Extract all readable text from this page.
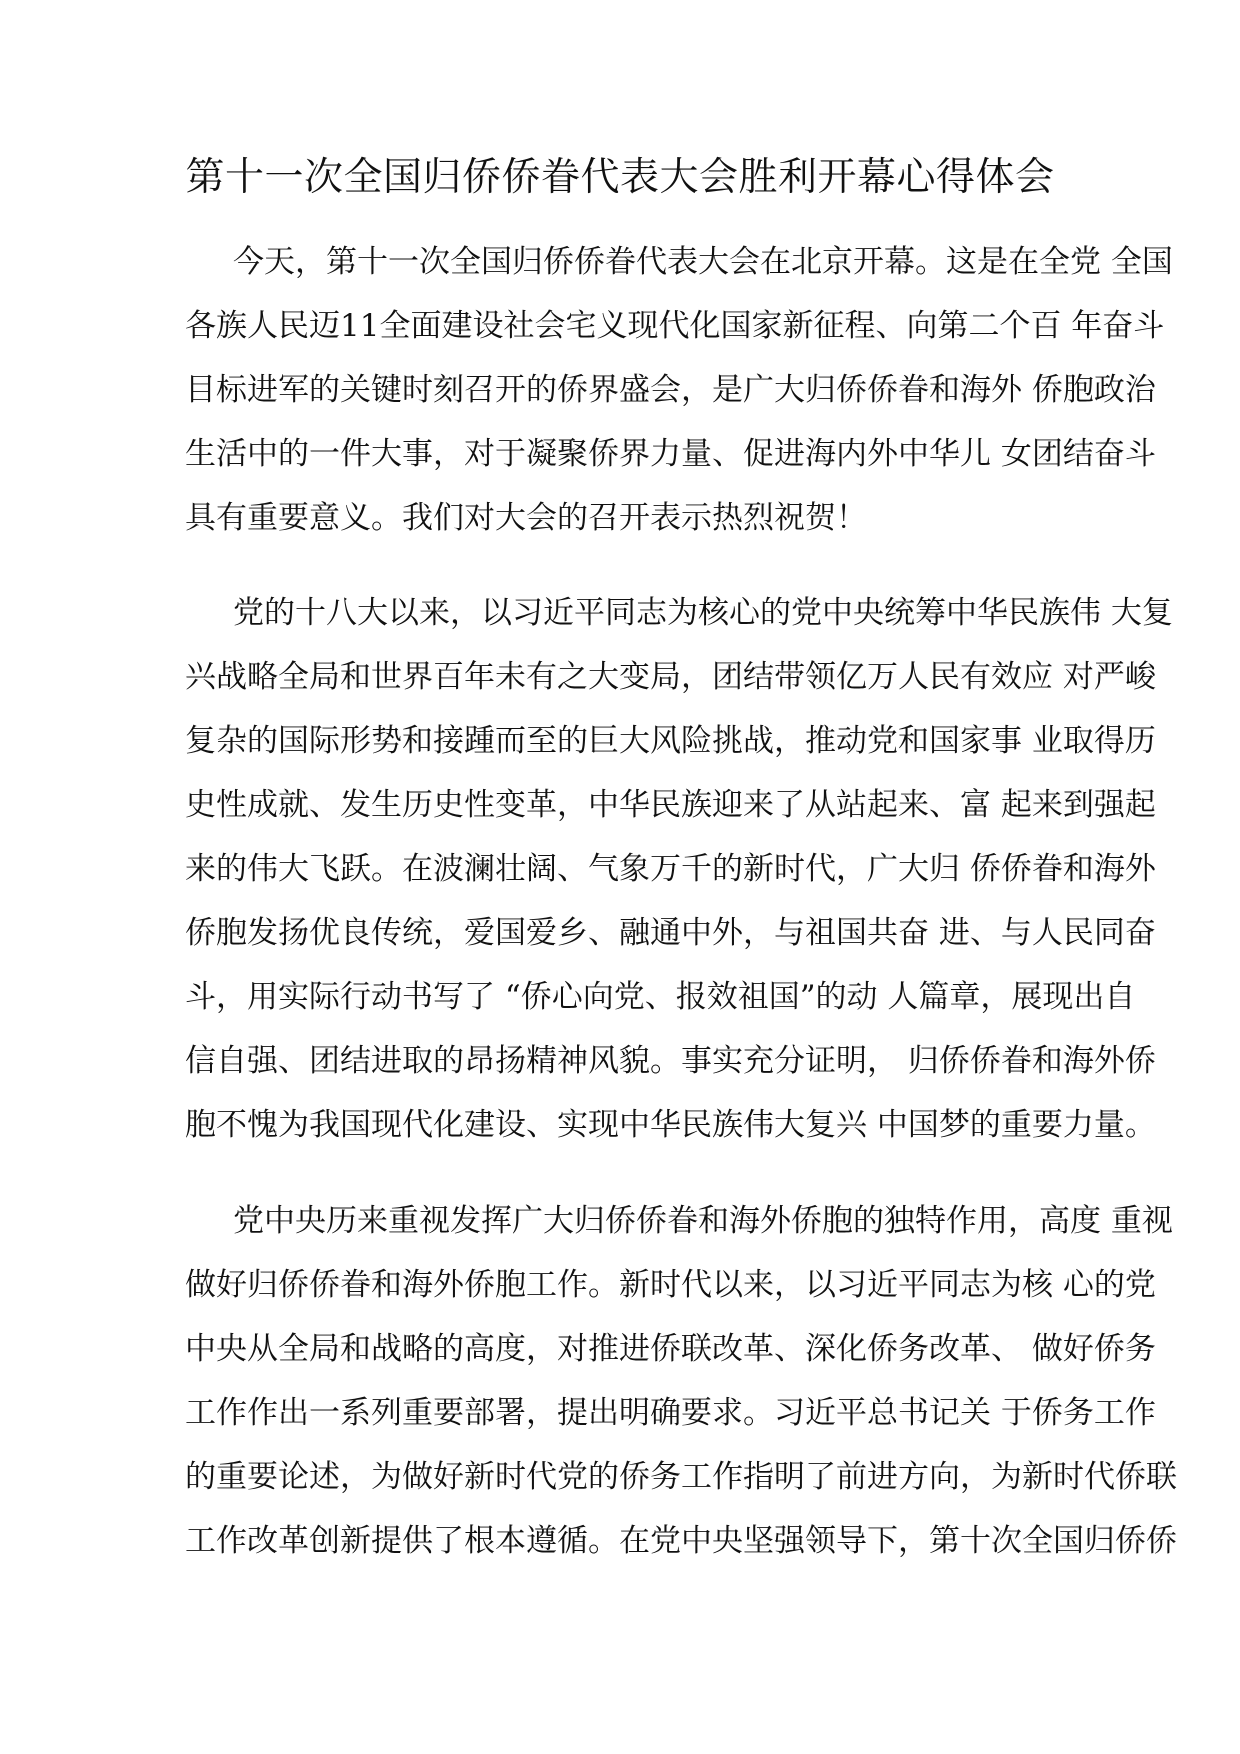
第十一次全国归侨侨眷代表大会胜利开幕心得体会
今天，第十一次全国归侨侨眷代表大会在北京开幕。这是在全党 全国
各族人民迈11全面建设社会宅义现代化国家新征程、向第二个百 年奋斗
目标进军的关键时刻召开的侨界盛会，是广大归侨侨眷和海外 侨胞政治
生活中的一件大事，对于凝聚侨界力量、促进海内外中华儿 女团结奋斗
具有重要意义。我们对大会的召开表示热烈祝贺！
党的十八大以来，以习近平同志为核心的党中央统筹中华民族伟 大复
兴战略全局和世界百年未有之大变局，团结带领亿万人民有效应 对严峻
复杂的国际形势和接踵而至的巨大风险挑战，推动党和国家事 业取得历
史性成就、发生历史性变革，中华民族迎来了从站起来、富 起来到强起
来的伟大飞跃。在波澜壮阔、气象万千的新时代，广大归 侨侨眷和海外
侨胞发扬优良传统，爱国爱乡、融通中外，与祖国共奋 进、与人民同奋
斗，用实际行动书写了 “侨心向党、报效祖国”的动 人篇章，展现出自
信自强、团结进取的昂扬精神风貌。事实充分证明， 归侨侨眷和海外侨
胞不愧为我国现代化建设、实现中华民族伟大复兴 中国梦的重要力量。
党中央历来重视发挥广大归侨侨眷和海外侨胞的独特作用，高度 重视
做好归侨侨眷和海外侨胞工作。新时代以来，以习近平同志为核 心的党
中央从全局和战略的高度，对推进侨联改革、深化侨务改革、 做好侨务
工作作出一系列重要部署，提出明确要求。习近平总书记关 于侨务工作
的重要论述，为做好新时代党的侨务工作指明了前进方向，为新时代侨联
工作改革创新提供了根本遵循。在党中央坚强领导下，第十次全国归侨侨
